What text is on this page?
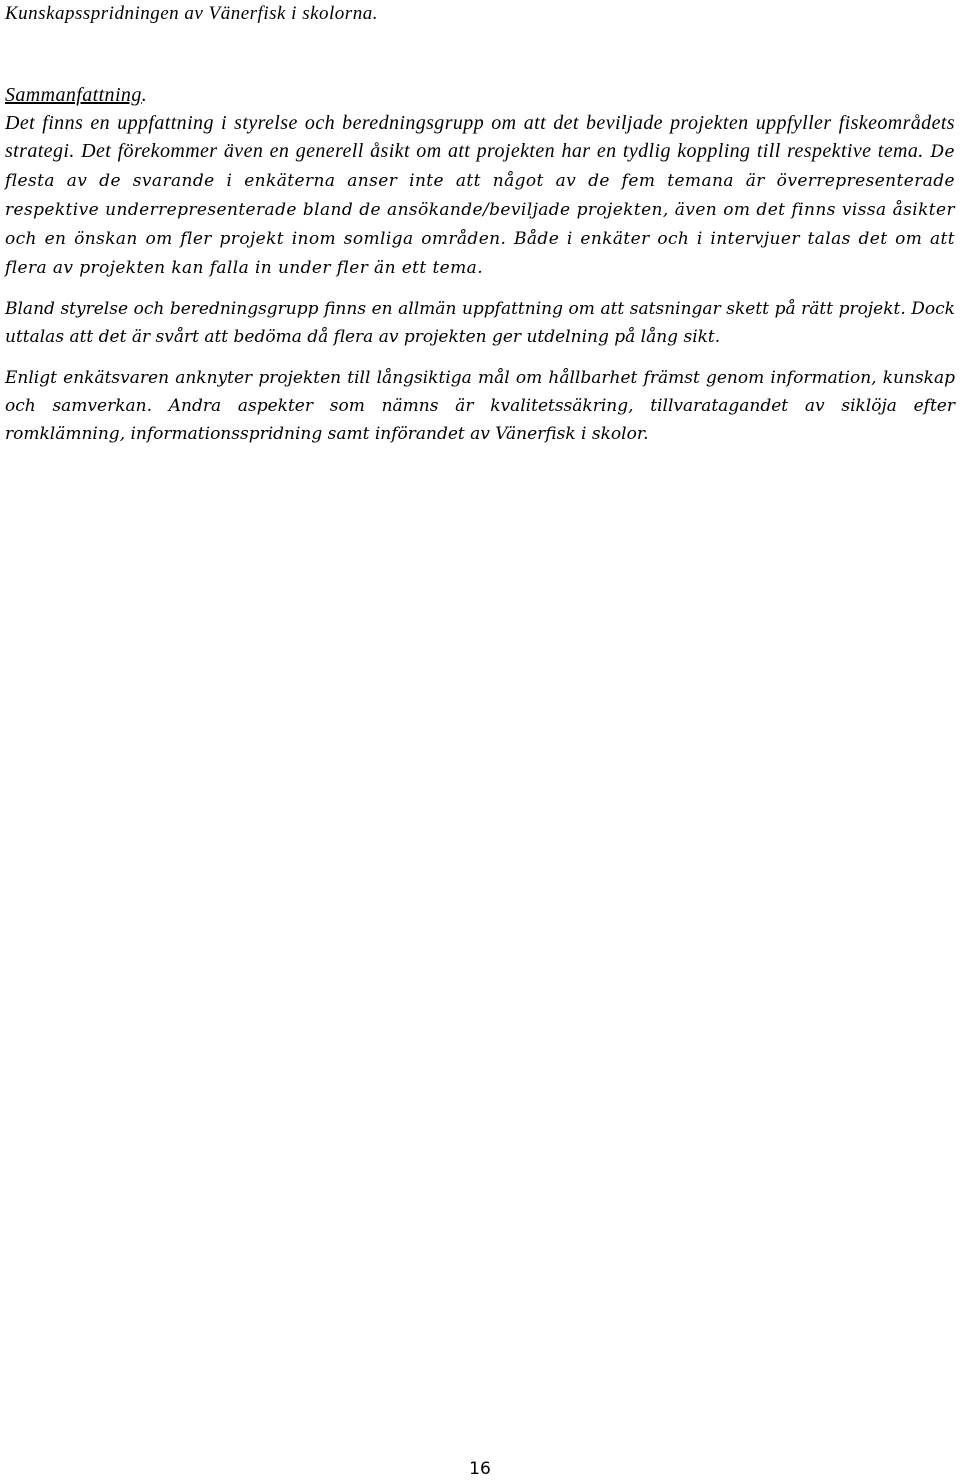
Kunskapsspridningen av Vänerfisk i skolorna.

Sammanfattning.
Det finns en uppfattning i styrelse och beredningsgrupp om att det beviljade projekten uppfyller fiskeområdets strategi. Det förekommer även en generell åsikt om att projekten har en tydlig koppling till respektive tema. De flesta av de svarande i enkäterna anser inte att något av de fem temana är överrepresenterade respektive underrepresenterade bland de ansökande/beviljade projekten, även om det finns vissa åsikter och en önskan om fler projekt inom somliga områden. Både i enkäter och i intervjuer talas det om att flera av projekten kan falla in under fler än ett tema.

Bland styrelse och beredningsgrupp finns en allmän uppfattning om att satsningar skett på rätt projekt. Dock uttalas att det är svårt att bedöma då flera av projekten ger utdelning på lång sikt.

Enligt enkätsvaren anknyter projekten till långsiktiga mål om hållbarhet främst genom information, kunskap och samverkan. Andra aspekter som nämns är kvalitetssäkring, tillvaratagandet av siklöja efter romklämning, informationsspridning samt införandet av Vänerfisk i skolor.

16
